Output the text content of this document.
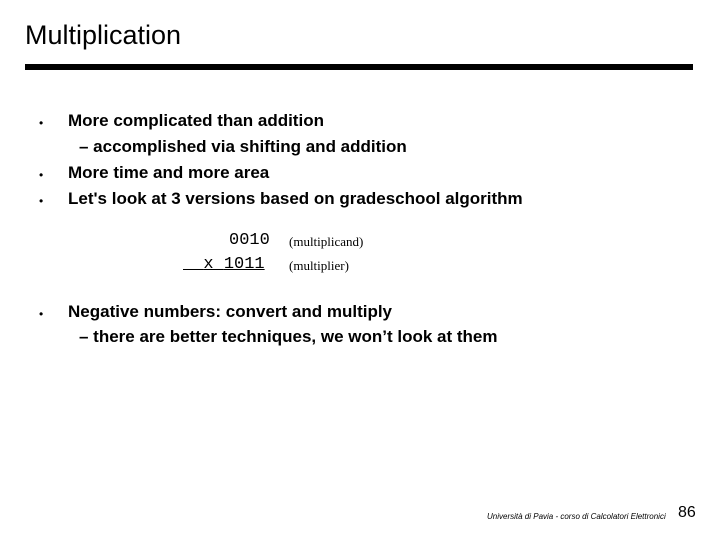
Multiplication
• More complicated than addition
– accomplished via shifting and addition
• More time and more area
• Let's look at 3 versions based on gradeschool algorithm
0010 (multiplicand)
x 1011 (multiplier)
• Negative numbers: convert and multiply
– there are better techniques, we won’t look at them
Università di Pavia - corso di Calcolatori Elettronici 86
